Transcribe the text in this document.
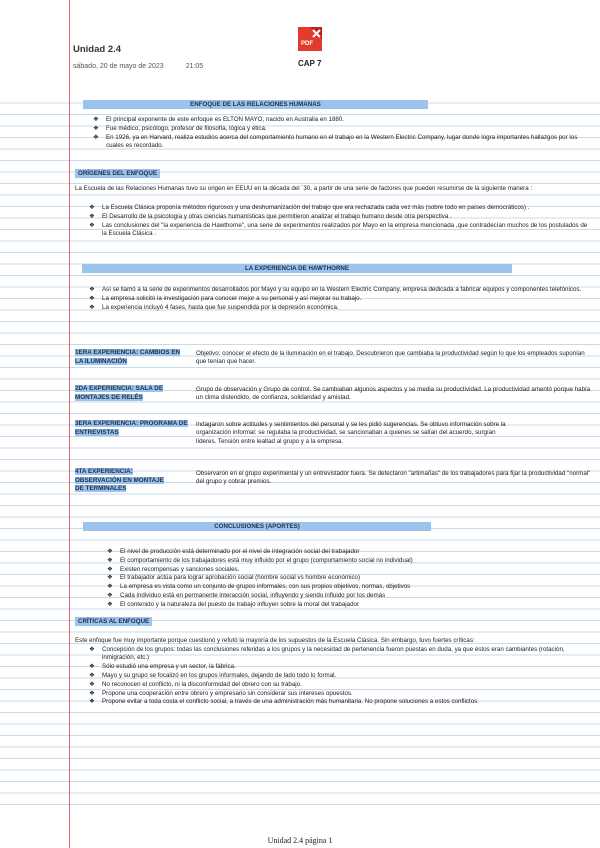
Unidad 2.4
sábado, 20 de mayo de 2023	21:05
PDF
CAP 7
ENFOQUE DE LAS RELACIONES HUMANAS
❖ El principal exponente de este enfoque es ELTON MAYO, nacido en Australia en 1880.
❖ Fue médico, psicólogo, profesor de filosofía, lógica y ética.
❖ En 1926, ya en Harvard, realiza estudios acerca del comportamiento humano en el trabajo en la Western Electric Company, lugar donde logra importantes hallazgos por los cuales es recordado.
ORÍGENES DEL ENFOQUE
La Escuela de las Relaciones Humanas tuvo su origen en EEUU en la década del ´30, a partir de una serie de factores que pueden resumirse de la siguiente manera :
❖ La Escuela Clásica proponía métodos rigurosos y una deshumanización del trabajo que era rechazada cada vez más (sobre todo en países democráticos) .
❖ El Desarrollo de la psicología y otras ciencias humanísticas que permitieron analizar el trabajo humano desde otra perspectiva .
❖ Las conclusiones del "la experiencia de Hawthorne", una serie de experimentos realizados por Mayo en la empresa mencionada ,que contradecían muchos de los postulados de la Escuela Clásica .
LA EXPERIENCIA DE HAWTHORNE
❖ Así se llamó a la serie de experimentos desarrollados por Mayo y su equipo en la Western Electric Company, empresa dedicada a fabricar equipos y componentes telefónicos.
❖ La empresa solicitó la investigación para conocer mejor a su personal y así mejorar su trabajo.
❖ La experiencia incluyó 4 fases, hasta que fue suspendida por la depresión económica.
1ERA EXPERIENCIA: CAMBIOS EN LA ILUMINACIÓN
Objetivo: conocer el efecto de la iluminación en el trabajo. Descubrieron que cambiaba la productividad según lo que los empleados suponían que tenían que hacer.
2DA EXPERIENCIA: SALA DE MONTAJES DE RELÉS
Grupo de observación y Grupo de control. Se cambiaban algunos aspectos y se media su productividad. La productividad amentó porque había un clima distendido, de confianza, solidaridad y amistad.
3ERA EXPERIENCIA: PROGRAMA DE ENTREVISTAS
Indagaron sobre actitudes y sentimientos del personal y se les pidió sugerencias. Se obtuvo información sobre la organización informal: se regulaba la productividad, se sancionaban a quienes se salían del acuerdo, surgían líderes. Tensión entre lealtad al grupo y a la empresa.
4TA EXPERIENCIA: OBSERVACIÓN EN MONTAJE DE TERMINALES
Observaron en el grupo experimental y un entrevistador fuera. Se detectaron "artimañas" de los trabajadores para fijar la productividad "normal" del grupo y cobrar premios.
CONCLUSIONES (APORTES)
❖ El nivel de producción está determinado por el nivel de integración social del trabajador
❖ El comportamiento de los trabajadores está muy influido por el grupo (comportamiento social no individual)
❖ Existen recompensas y sanciones sociales.
❖ El trabajador actúa para lograr aprobación social (hombre social vs hombre económico)
❖ La empresa es vista como un conjunto de grupos informales, con sus propios objetivos, normas, objetivos
❖ Cada individuo está en permanente interacción social, influyendo y siendo influido por los demás
❖ El contenido y la naturaleza del puesto de trabajo influyen sobre la moral del trabajador
CRÍTICAS AL ENFOQUE
Este enfoque fue muy importante porque cuestionó y refutó la mayoría de los supuestos de la Escuela Clásica. Sin embargo, tuvo fuertes críticas:
❖ Concepción de los grupos: todas las conclusiones referidas a los grupos y la necesidad de pertenencia fueron puestas en duda, ya que éstos eran cambiantes (rotación, inmigración, etc.)
❖ Sólo estudió una empresa y un sector, la fábrica.
❖ Mayo y su grupo se focalizó en los grupos informales, dejando de lado todo lo formal.
❖ No reconocen el conflicto, ni la disconformidad del obrero con su trabajo.
❖ Propone una cooperación entre obrero y empresario sin considerar sus intereses opuestos.
❖ Propone evitar a toda costa el conflicto social, a través de una administración más humanitaria. No propone soluciones a estos conflictos.
Unidad 2.4 página 1
